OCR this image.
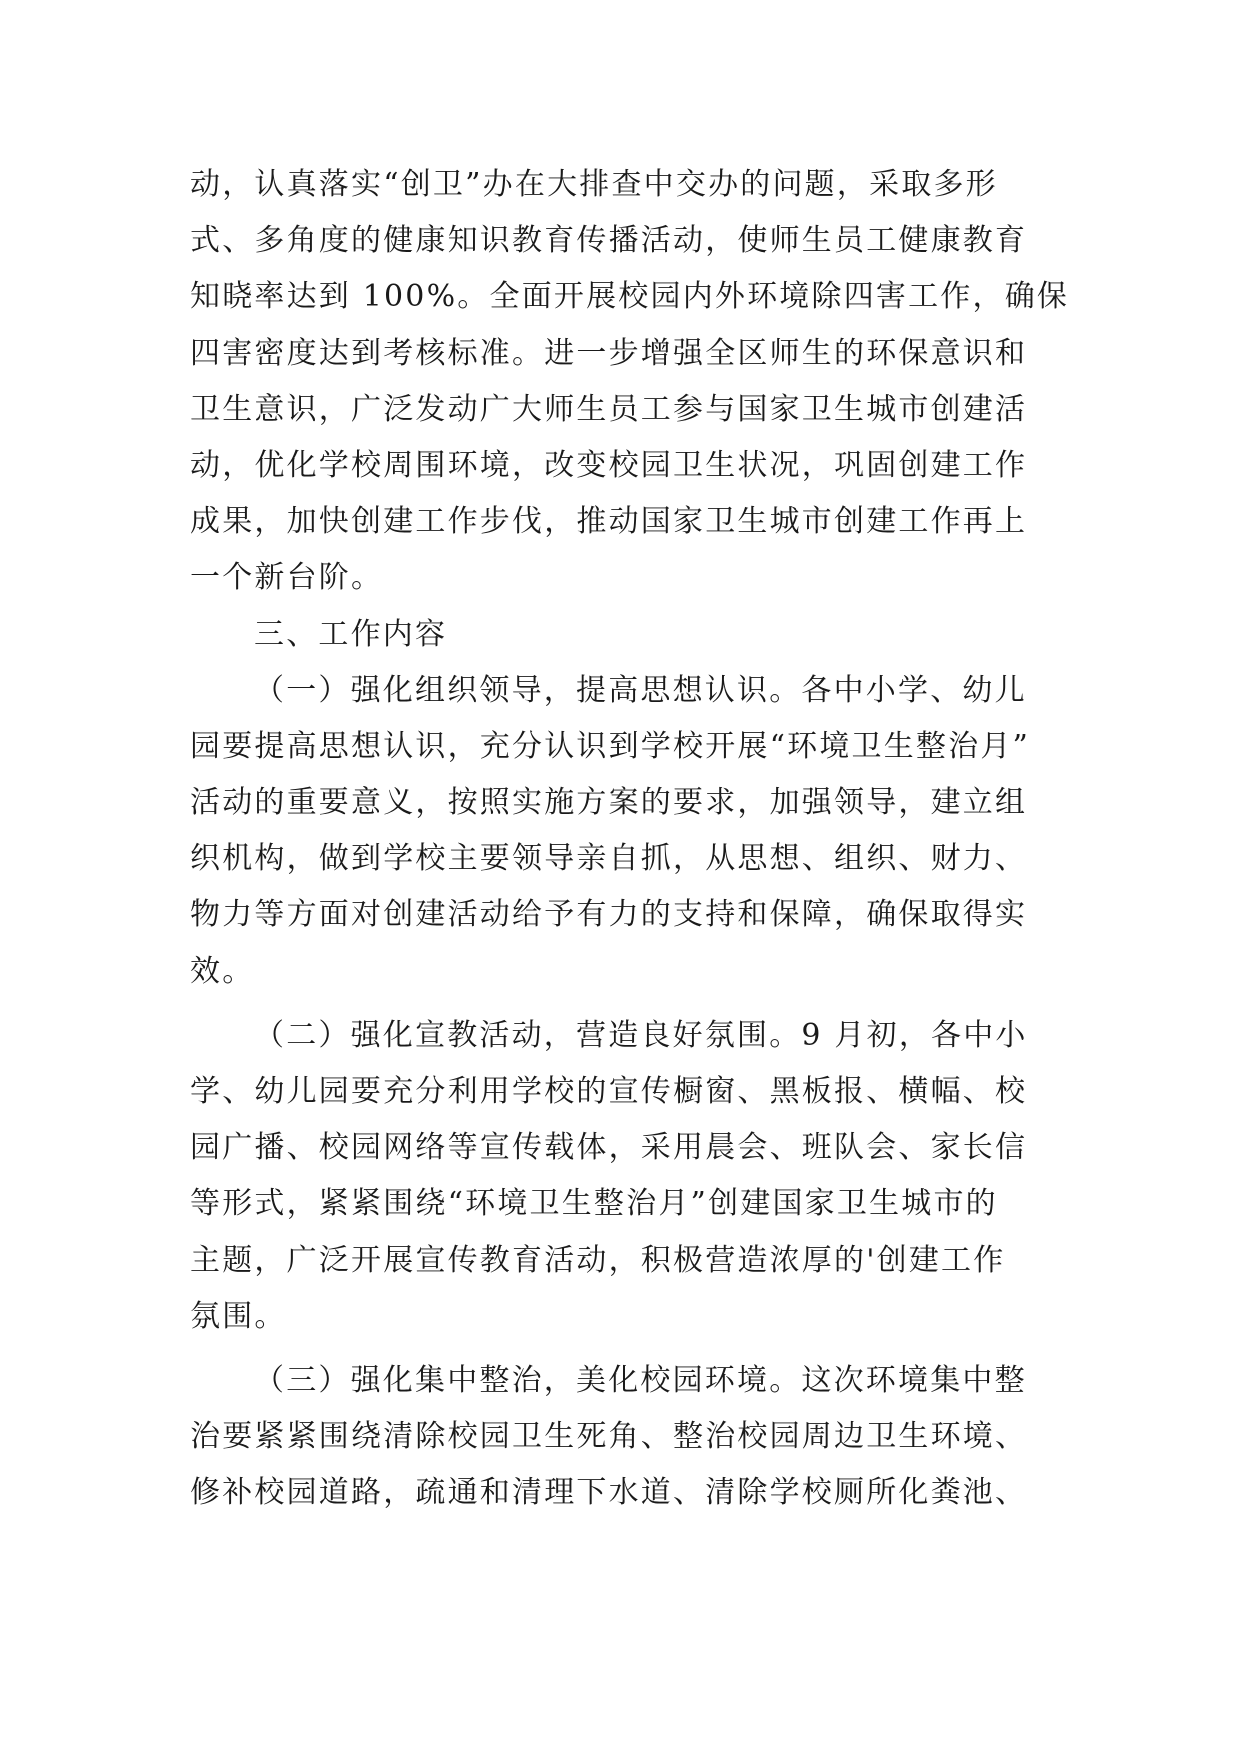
动，认真落实“创卫”办在大排查中交办的问题，采取多形
式、多角度的健康知识教育传播活动，使师生员工健康教育
知晓率达到 100%。全面开展校园内外环境除四害工作，确保
四害密度达到考核标准。进一步增强全区师生的环保意识和
卫生意识，广泛发动广大师生员工参与国家卫生城市创建活
动，优化学校周围环境，改变校园卫生状况，巩固创建工作
成果，加快创建工作步伐，推动国家卫生城市创建工作再上
一个新台阶。
三、工作内容
（一）强化组织领导，提高思想认识。各中小学、幼儿
园要提高思想认识，充分认识到学校开展“环境卫生整治月”
活动的重要意义，按照实施方案的要求，加强领导，建立组
织机构，做到学校主要领导亲自抓，从思想、组织、财力、
物力等方面对创建活动给予有力的支持和保障，确保取得实
效。
（二）强化宣教活动，营造良好氛围。9 月初，各中小
学、幼儿园要充分利用学校的宣传橱窗、黑板报、横幅、校
园广播、校园网络等宣传载体，采用晨会、班队会、家长信
等形式，紧紧围绕“环境卫生整治月”创建国家卫生城市的
主题，广泛开展宣传教育活动，积极营造浓厚的'创建工作
氛围。
（三）强化集中整治，美化校园环境。这次环境集中整
治要紧紧围绕清除校园卫生死角、整治校园周边卫生环境、
修补校园道路，疏通和清理下水道、清除学校厕所化粪池、
